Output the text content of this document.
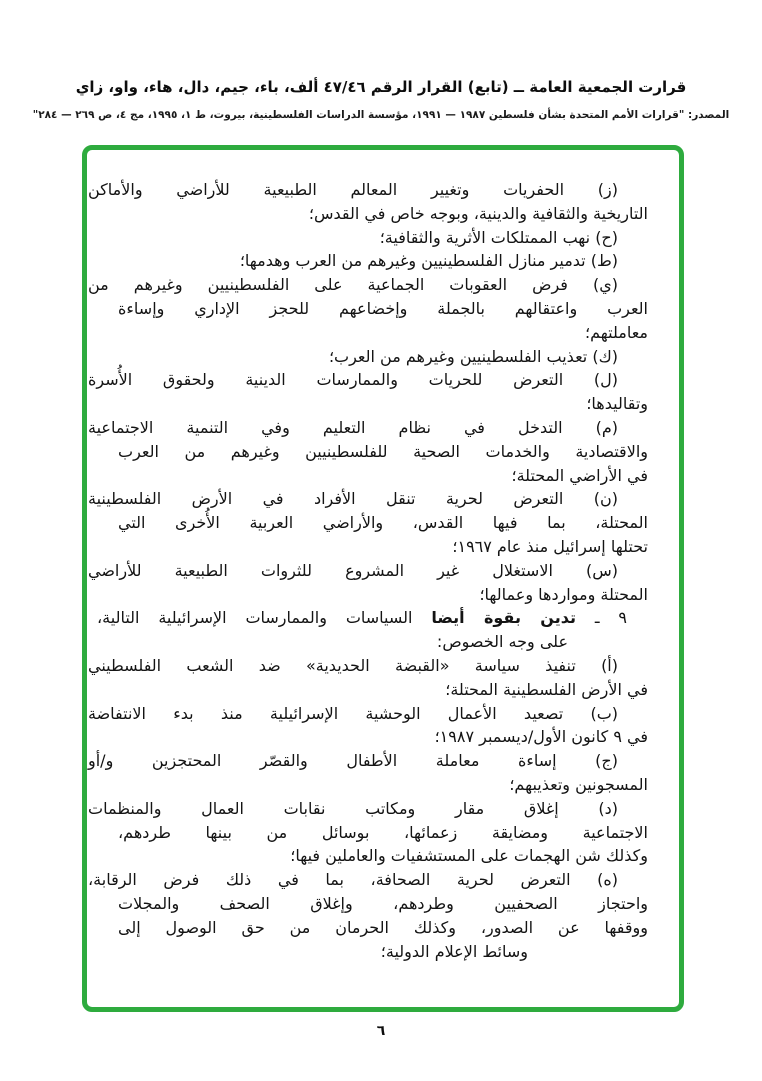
قرارت الجمعية العامة ــ (تابع) القرار الرقم ٤٧/٤٦ ألف، باء، جيم، دال، هاء، واو، زاي
المصدر: "قرارات الأمم المتحدة بشأن فلسطين ١٩٨٧ — ١٩٩١، مؤسسة الدراسات الفلسطينية، بيروت، ط ١، ١٩٩٥، مج ٤، ص ٢٦٩ — ٢٨٤"
(ز) الحفريات وتغيير المعالم الطبيعية للأراضي والأماكن
التاريخية والثقافية والدينية، وبوجه خاص في القدس؛
(ح) نهب الممتلكات الأثرية والثقافية؛
(ط) تدمير منازل الفلسطينيين وغيرهم من العرب وهدمها؛
(ي) فرض العقوبات الجماعية على الفلسطينيين وغيرهم من
العرب واعتقالهم بالجملة وإخضاعهم للحجز الإداري وإساءة
معاملتهم؛
(ك) تعذيب الفلسطينيين وغيرهم من العرب؛
(ل) التعرض للحريات والممارسات الدينية ولحقوق الأُسرة
وتقاليدها؛
(م) التدخل في نظام التعليم وفي التنمية الاجتماعية
والاقتصادية والخدمات الصحية للفلسطينيين وغيرهم من العرب
في الأراضي المحتلة؛
(ن) التعرض لحرية تنقل الأفراد في الأرض الفلسطينية
المحتلة، بما فيها القدس، والأراضي العربية الأُخرى التي
تحتلها إسرائيل منذ عام ١٩٦٧؛
(س) الاستغلال غير المشروع للثروات الطبيعية للأراضي
المحتلة ومواردها وعمالها؛
٩ ـ تدين بقوة أيضا السياسات والممارسات الإسرائيلية التالية،
على وجه الخصوص:
(أ) تنفيذ سياسة «القبضة الحديدية» ضد الشعب الفلسطيني
في الأرض الفلسطينية المحتلة؛
(ب) تصعيد الأعمال الوحشية الإسرائيلية منذ بدء الانتفاضة
في ٩ كانون الأول/ديسمبر ١٩٨٧؛
(ج) إساءة معاملة الأطفال والقصّر المحتجزين و/أو
المسجونين وتعذيبهم؛
(د) إغلاق مقار ومكاتب نقابات العمال والمنظمات
الاجتماعية ومضايقة زعمائها، بوسائل من بينها طردهم،
وكذلك شن الهجمات على المستشفيات والعاملين فيها؛
(ه) التعرض لحرية الصحافة، بما في ذلك فرض الرقابة،
واحتجاز الصحفيين وطردهم، وإغلاق الصحف والمجلات
ووقفها عن الصدور، وكذلك الحرمان من حق الوصول إلى
وسائط الإعلام الدولية؛
٦
